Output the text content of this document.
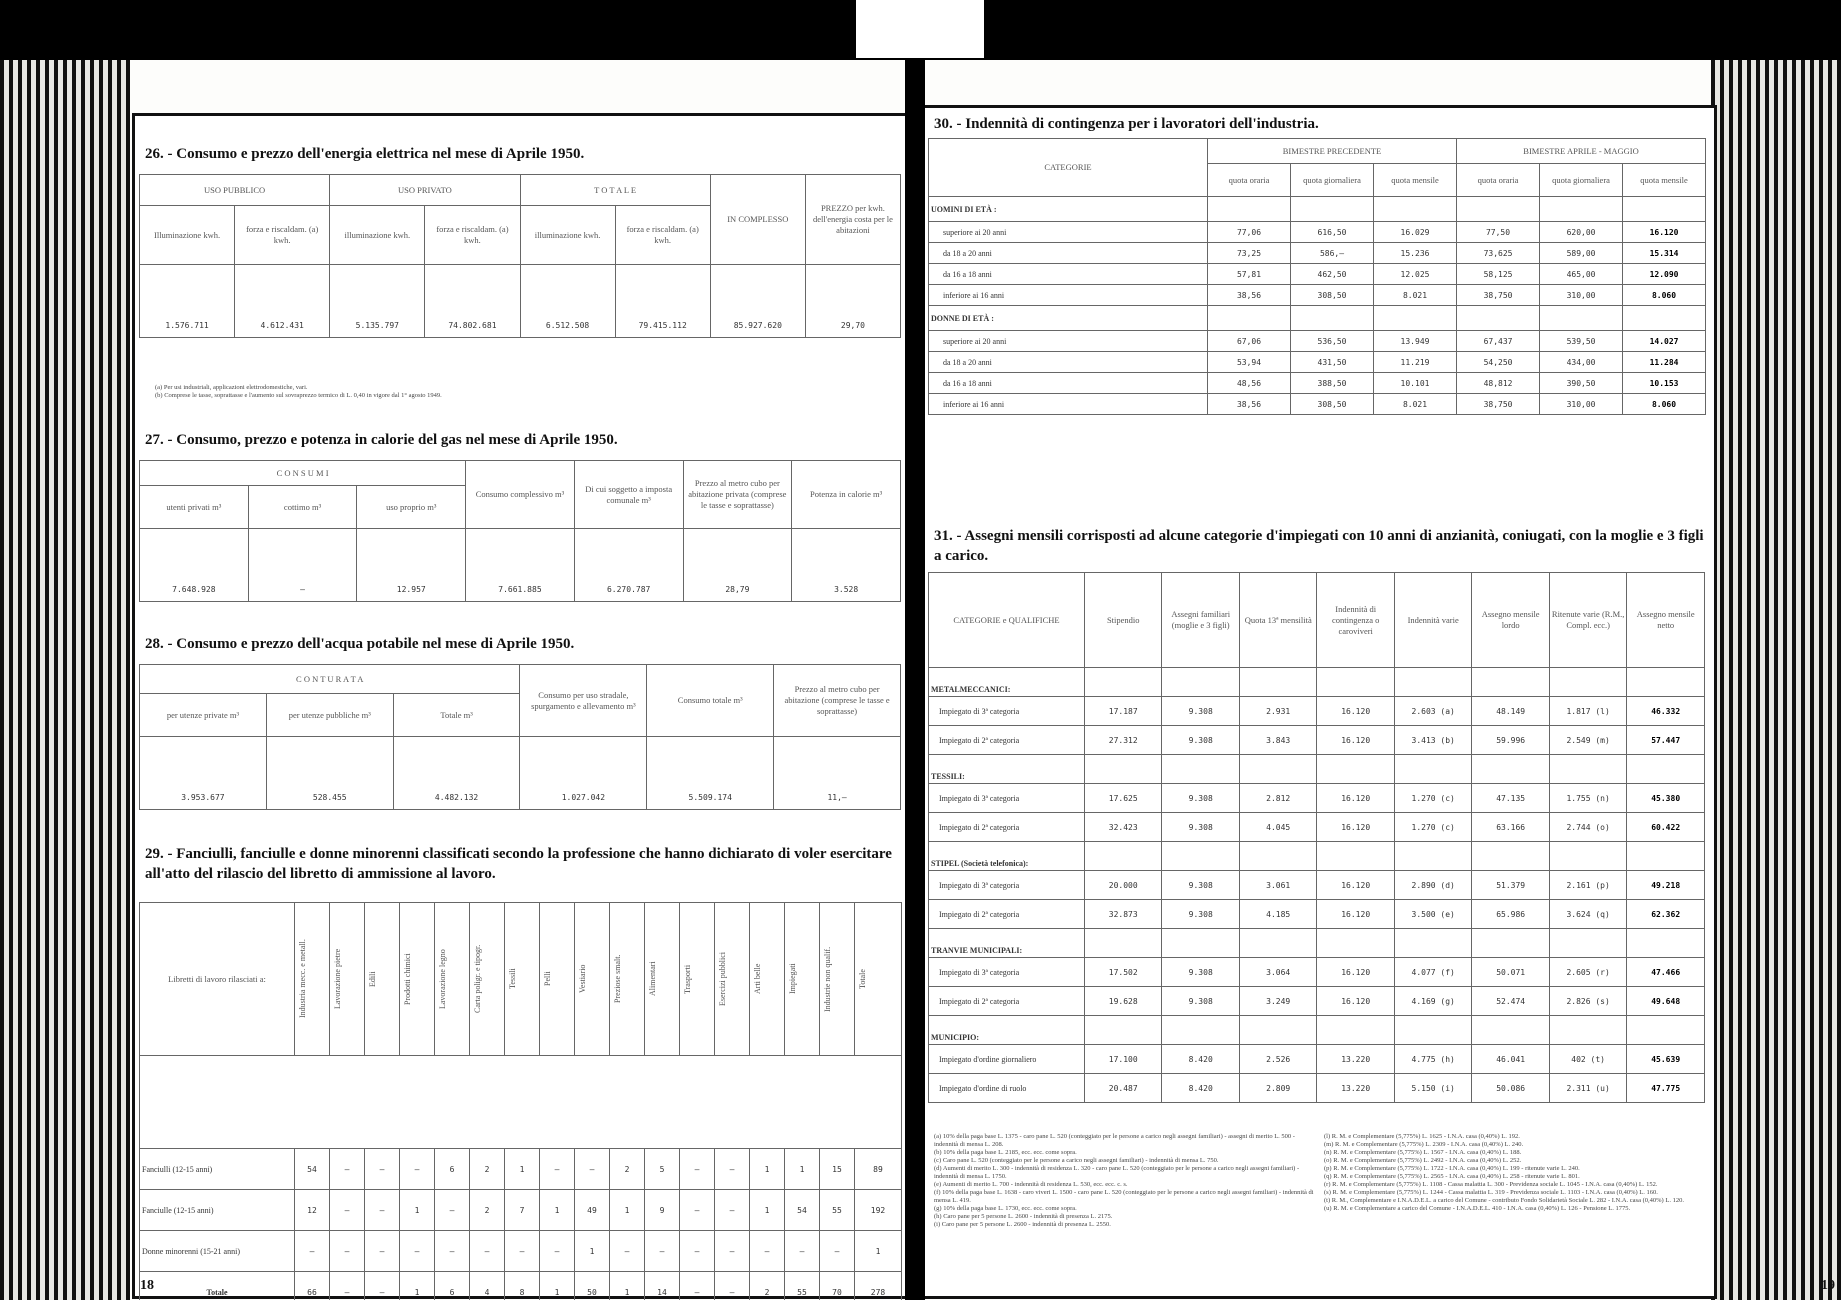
26. - Consumo e prezzo dell'energia elettrica nel mese di Aprile 1950.
USO PUBBLICO		USO PRIVATO		T O T A L E		IN COMPLESSO	PREZZO per kwh. dell'energia costa per le abitazioni
Illuminazione kwh.	forza e riscaldam. (a) kwh.	illuminazione kwh.	forza e riscaldam. (a) kwh.	illuminazione kwh.	forza e riscaldam. (a) kwh.		
1.576.711	4.612.431	5.135.797	74.802.681	6.512.508	79.415.112	85.927.620	29,70
(a) Per usi industriali, applicazioni elettrodomestiche, vari.
(b) Comprese le tasse, soprattasse e l'aumento sul sovraprezzo termico di L. 0,40 in vigore dal 1° agosto 1949.
27. - Consumo, prezzo e potenza in calorie del gas nel mese di Aprile 1950.
C O N S U M I			Consumo complessivo m³	Di cui soggetto a imposta comunale m³	Prezzo al metro cubo per abitazione privata (comprese le tasse e soprattasse)	Potenza in calorie m³
utenti privati m³	cottimo m³	uso proprio m³				
7.648.928	—	12.957	7.661.885	6.270.787	28,79	3.528
28. - Consumo e prezzo dell'acqua potabile nel mese di Aprile 1950.
C O N T U R A T A			Consumo per uso stradale, spurgamento e allevamento m³	Consumo totale m³	Prezzo al metro cubo per abitazione (comprese le tasse e soprattasse)
per utenze private m³	per utenze pubbliche m³	Totale m³			
3.953.677	528.455	4.482.132	1.027.042	5.509.174	11,—
29. - Fanciulli, fanciulle e donne minorenni classificati secondo la professione che hanno dichiarato di voler esercitare all'atto del rilascio del libretto di ammissione al lavoro.
Libretti di lavoro rilasciati a:	Industria mecc. e metall.	Lavorazione pietre	Edili	Prodotti chimici	Lavorazione legno	Carta poligr. e tipogr.	Tessili	Pelli	Vestiario	Preziose smalt.	Alimentari	Trasporti	Esercizi pubblici	Arti belle	Impiegati	Industrie non qualif.	Totale

Fanciulli (12-15 anni)	54	—	—	—	6	2	1	—	—	2	5	—	—	1	1	15	89
Fanciulle (12-15 anni)	12	—	—	1	—	2	7	1	49	1	9	—	—	1	54	55	192
Donne minorenni (15-21 anni)	—	—	—	—	—	—	—	—	1	—	—	—	—	—	—	—	1
Totale	66	—	—	1	6	4	8	1	50	1	14	—	—	2	55	70	278
18
30. - Indennità di contingenza per i lavoratori dell'industria.
CATEGORIE	BIMESTRE PRECEDENTE			BIMESTRE APRILE - MAGGIO		
	quota oraria	quota giornaliera	quota mensile	quota oraria	quota giornaliera	quota mensile
UOMINI DI ETÀ :						
superiore ai 20 anni	77,06	616,50	16.029	77,50	620,00	16.120
da 18 a 20 anni	73,25	586,—	15.236	73,625	589,00	15.314
da 16 a 18 anni	57,81	462,50	12.025	58,125	465,00	12.090
inferiore ai 16 anni	38,56	308,50	8.021	38,750	310,00	8.060
DONNE DI ETÀ :						
superiore ai 20 anni	67,06	536,50	13.949	67,437	539,50	14.027
da 18 a 20 anni	53,94	431,50	11.219	54,250	434,00	11.284
da 16 a 18 anni	48,56	388,50	10.101	48,812	390,50	10.153
inferiore ai 16 anni	38,56	308,50	8.021	38,750	310,00	8.060
31. - Assegni mensili corrisposti ad alcune categorie d'impiegati con 10 anni di anzianità, coniugati, con la moglie e 3 figli a carico.
CATEGORIE e QUALIFICHE	Stipendio	Assegni familiari (moglie e 3 figli)	Quota 13ª mensilità	Indennità di contingenza o caroviveri	Indennità varie	Assegno mensile lordo	Ritenute varie (R.M., Compl. ecc.)	Assegno mensile netto
METALMECCANICI:								
Impiegato di 3ª categoria	17.187	9.308	2.931	16.120	2.603 (a)	48.149	1.817 (l)	46.332
Impiegato di 2ª categoria	27.312	9.308	3.843	16.120	3.413 (b)	59.996	2.549 (m)	57.447
TESSILI:								
Impiegato di 3ª categoria	17.625	9.308	2.812	16.120	1.270 (c)	47.135	1.755 (n)	45.380
Impiegato di 2ª categoria	32.423	9.308	4.045	16.120	1.270 (c)	63.166	2.744 (o)	60.422
STIPEL (Società telefonica):								
Impiegato di 3ª categoria	20.000	9.308	3.061	16.120	2.890 (d)	51.379	2.161 (p)	49.218
Impiegato di 2ª categoria	32.873	9.308	4.185	16.120	3.500 (e)	65.986	3.624 (q)	62.362
TRANVIE MUNICIPALI:								
Impiegato di 3ª categoria	17.502	9.308	3.064	16.120	4.077 (f)	50.071	2.605 (r)	47.466
Impiegato di 2ª categoria	19.628	9.308	3.249	16.120	4.169 (g)	52.474	2.826 (s)	49.648
MUNICIPIO:								
Impiegato d'ordine giornaliero	17.100	8.420	2.526	13.220	4.775 (h)	46.041	402 (t)	45.639
Impiegato d'ordine di ruolo	20.487	8.420	2.809	13.220	5.150 (i)	50.086	2.311 (u)	47.775
(a) 10% della paga base L. 1375 - caro pane L. 520 (conteggiato per le persone a carico negli assegni familiari) - assegni di merito L. 500 - indennità di mensa L. 208.
(b) 10% della paga base L. 2185, ecc. ecc. come sopra.
(c) Caro pane L. 520 (conteggiato per le persone a carico negli assegni familiari) - indennità di mensa L. 750.
(d) Aumenti di merito L. 300 - indennità di residenza L. 320 - caro pane L. 520 (conteggiato per le persone a carico negli assegni familiari) - indennità di mensa L. 1750.
(e) Aumenti di merito L. 700 - indennità di residenza L. 530, ecc. ecc. c. s.
(f) 10% della paga base L. 1638 - caro viveri L. 1500 - caro pane L. 520 (conteggiato per le persone a carico negli assegni familiari) - indennità di mensa L. 419.
(g) 10% della paga base L. 1730, ecc. ecc. come sopra.
(h) Caro pane per 5 persone L. 2600 - indennità di presenza L. 2175.
(i) Caro pane per 5 persone L. 2600 - indennità di presenza L. 2550.
(l) R. M. e Complementare (5,775%) L. 1625 - I.N.A. casa (0,40%) L. 192.
(m) R. M. e Complementare (5,775%) L. 2309 - I.N.A. casa (0,40%) L. 240.
(n) R. M. e Complementare (5,775%) L. 1567 - I.N.A. casa (0,40%) L. 188.
(o) R. M. e Complementare (5,775%) L. 2492 - I.N.A. casa (0,40%) L. 252.
(p) R. M. e Complementare (5,775%) L. 1722 - I.N.A. casa (0,40%) L. 199 - ritenute varie L. 240.
(q) R. M. e Complementare (5,775%) L. 2565 - I.N.A. casa (0,40%) L. 258 - ritenute varie L. 801.
(r) R. M. e Complementare (5,775%) L. 1108 - Cassa malattia L. 300 - Previdenza sociale L. 1045 - I.N.A. casa (0,40%) L. 152.
(s) R. M. e Complementare (5,775%) L. 1244 - Cassa malattia L. 319 - Previdenza sociale L. 1103 - I.N.A. casa (0,40%) L. 160.
(t) R. M., Complementare e I.N.A.D.E.L. a carico del Comune - contributo Fondo Solidarietà Sociale L. 282 - I.N.A. casa (0,40%) L. 120.
(u) R. M. e Complementare a carico del Comune - I.N.A.D.E.L. 410 - I.N.A. casa (0,40%) L. 126 - Pensione L. 1775.
19
